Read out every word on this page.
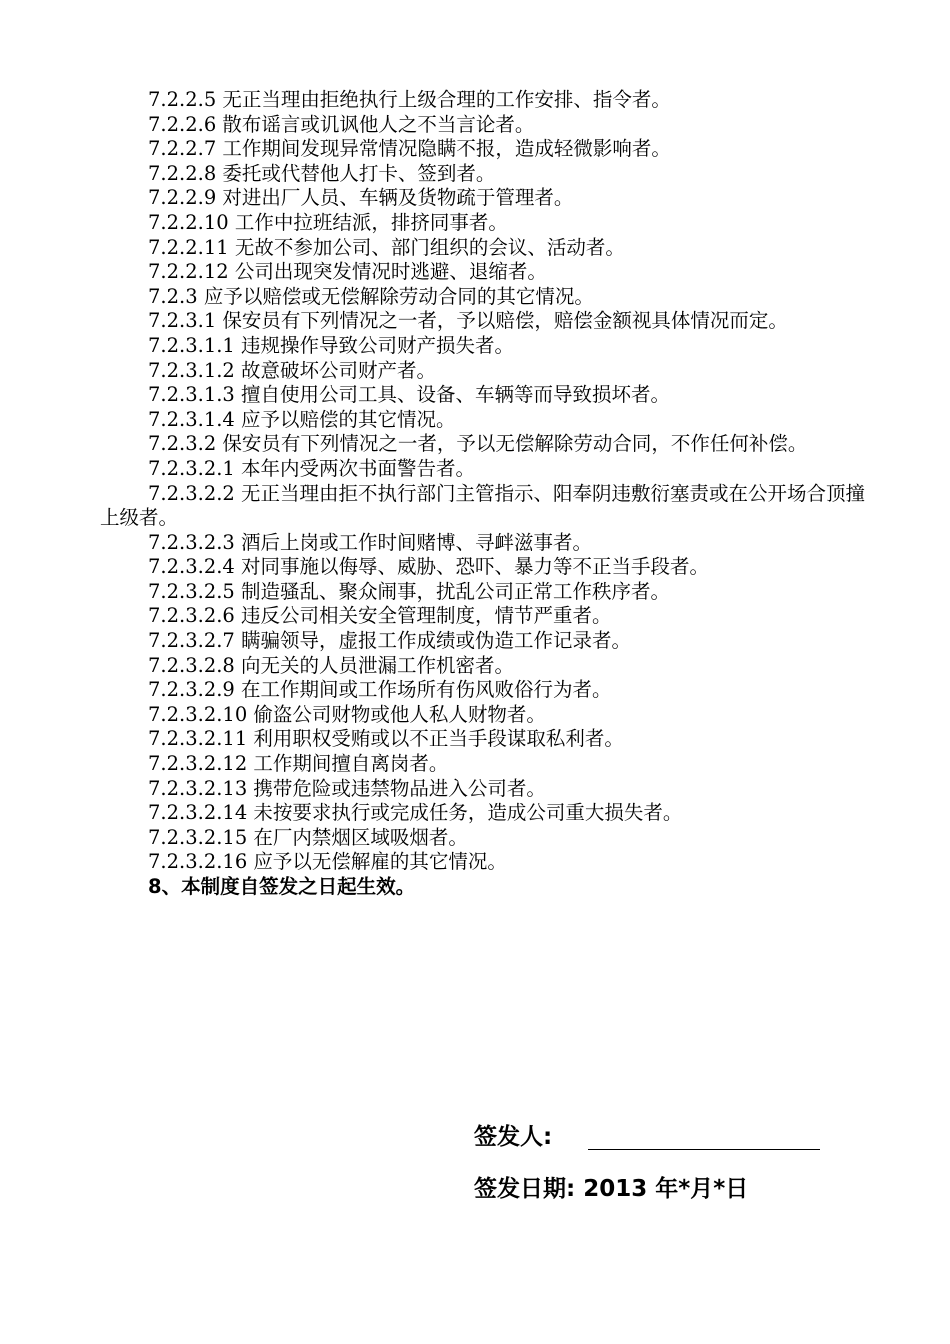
7.2.2.5 无正当理由拒绝执行上级合理的工作安排、指令者。

7.2.2.6 散布谣言或讥讽他人之不当言论者。

7.2.2.7 工作期间发现异常情况隐瞒不报，造成轻微影响者。

7.2.2.8 委托或代替他人打卡、签到者。

7.2.2.9 对进出厂人员、车辆及货物疏于管理者。

7.2.2.10 工作中拉班结派，排挤同事者。

7.2.2.11 无故不参加公司、部门组织的会议、活动者。

7.2.2.12 公司出现突发情况时逃避、退缩者。

7.2.3 应予以赔偿或无偿解除劳动合同的其它情况。

7.2.3.1 保安员有下列情况之一者，予以赔偿，赔偿金额视具体情况而定。

7.2.3.1.1 违规操作导致公司财产损失者。

7.2.3.1.2 故意破坏公司财产者。

7.2.3.1.3 擅自使用公司工具、设备、车辆等而导致损坏者。

7.2.3.1.4 应予以赔偿的其它情况。

7.2.3.2 保安员有下列情况之一者，予以无偿解除劳动合同，不作任何补偿。

7.2.3.2.1 本年内受两次书面警告者。

7.2.3.2.2 无正当理由拒不执行部门主管指示、阳奉阴违敷衍塞责或在公开场合顶撞上级者。

7.2.3.2.3 酒后上岗或工作时间赌博、寻衅滋事者。

7.2.3.2.4 对同事施以侮辱、威胁、恐吓、暴力等不正当手段者。

7.2.3.2.5 制造骚乱、聚众闹事，扰乱公司正常工作秩序者。

7.2.3.2.6 违反公司相关安全管理制度，情节严重者。

7.2.3.2.7 瞒骗领导，虚报工作成绩或伪造工作记录者。

7.2.3.2.8 向无关的人员泄漏工作机密者。

7.2.3.2.9 在工作期间或工作场所有伤风败俗行为者。

7.2.3.2.10 偷盗公司财物或他人私人财物者。

7.2.3.2.11 利用职权受贿或以不正当手段谋取私利者。

7.2.3.2.12 工作期间擅自离岗者。

7.2.3.2.13 携带危险或违禁物品进入公司者。

7.2.3.2.14 未按要求执行或完成任务，造成公司重大损失者。

7.2.3.2.15 在厂内禁烟区域吸烟者。

7.2.3.2.16 应予以无偿解雇的其它情况。

8、本制度自签发之日起生效。

签发人:
签发日期: 2013 年*月*日
